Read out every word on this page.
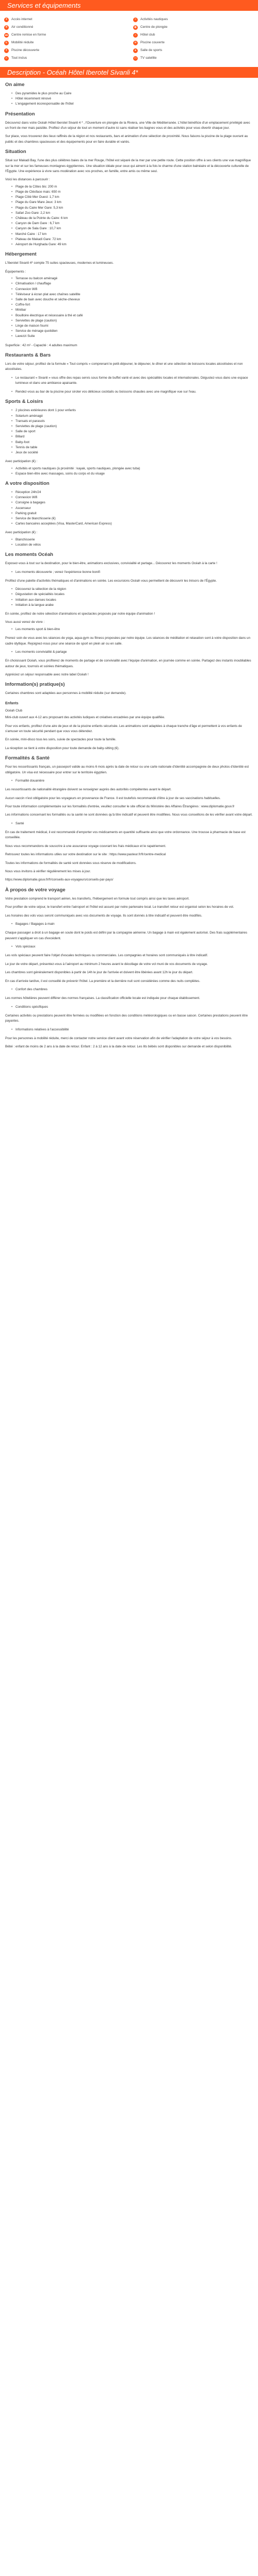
Services et équipements
✦	Accès internet	≈	Activités nautiques
❄	Air conditionné	◉	Centre de plongée
▬ Centre remise en forme	⌂	Hôtel club
♿	Mobilité réduite	≋	Piscine couverte
☀	Piscine découverte	●	Salle de sports
∞	Tout inclus	▭ TV satellite
Description - Océah Hôtel Iberotel Sivanli 4*
On aime
• Des pyramides le plus proche au Caire
• Hôtel récemment rénové
• L'engagement écoresponsable de l'hôtel
Présentation

Découvrez dans votre Océah Hôtel Iberotel Sivanli 4 * , l'Ouverture en plongée de la Riviera, une Ville de Méditerranée. L'hôtel bénéficie d'un emplacement privilégié avec un front de mer mais paisible. Profitez d'un séjour de tout un moment d'autre ici sans réaliser les bagnes vous et des activités pour vous divertir chaque jour.

Sur place, vous trouverez des lieux raffinés de la région et nos restaurants, bars et animation d'une sélection de proximité. Nous faisons la piscine de la plage ouvrant au public et des chambres spacieuses et des équipements pour en faire durable et variés.

Situation

Situé sur Makadi Bay, l'une des plus célèbres baies de la mer Rouge, l'hôtel est séparé de la mer par une petite route. Cette position offre à ses clients une vue magnifique sur la mer et sur les fameuses montagnes égyptiennes. Une situation idéale pour ceux qui aiment à la fois le charme d'une station balnéaire et la découverte culturelle de l'Égypte. Une expérience à vivre sans modération avec vos proches, en famille, entre amis ou même seul.

Voici les distances à parcourir :

• Plage de la Côtes bis: 200 m
• Plage de Cléoface mais: 650 m
• Plage Côté Mer Ouest: 1,7 km
• Plage du Gare Mare Jeux: 3 km
• Plage du Caire Mer Gare: 5,3 km
• Safari Zoo Gare: 2,2 km
• Château de la Pointe du Caire: 6 km
• Canyon de Dam Gare : 6,7 km
• Canyon de Sala Gare : 10,7 km
• Marché Caire : 17 km
• Plateau de Makadi Gare: 72 km
• Aéroport de Hurghada Gare: 49 km
Hébergement

L'Iberotel Sivanli 4* compte 75 suites spacieuses, modernes et lumineuses.

Équipements :

• Terrasse ou balcon aménagé
• Climatisation / chauffage
• Connexion Wifi
• Téléviseur à écran plat avec chaînes satellite
• Salle de bain avec douche et sèche-cheveux
• Coffre-fort
• Minibar
• Bouilloire électrique et nécessaire à thé et café
• Serviettes de plage (caution)
• Linge de maison fourni
• Service de ménage quotidien
• Lavezzi Suite

Superficie : 42 m² - Capacité : 4 adultes maximum

Restaurants & Bars

Lors de votre séjour, profitez de la formule « Tout compris » comprenant le petit-déjeuner, le déjeuner, le dîner et une sélection de boissons locales alcoolisées et non alcoolisées.

• Le restaurant « Sivanli » vous offre des repas servis sous forme de buffet varié et avec des spécialités locales et internationales. Dégustez-vous dans une espace lumineux et dans une ambiance apaisante.
• Rendez-vous au bar de la piscine pour siroter vos délicieux cocktails ou boissons chaudes avec une magnifique vue sur l'eau.
Sports & Loisirs
• 2 piscines extérieures dont 1 pour enfants
• Solarium aménagé
• Transats et parasols
• Serviettes de plage (caution)
• Salle de sport
• Billard
• Baby-foot
• Tennis de table
• Jeux de société

Avec participation (€) :

• Activités et sports nautiques (à proximité : kayak, sports nautiques, plongée avec tuba)
• Espace bien-être avec massages, soins du corps et du visage
A votre disposition
• Réception 24h/24
• Connexion Wifi
• Consigne à bagages
• Ascenseur
• Parking gratuit
• Service de blanchisserie (€)
• Cartes bancaires acceptées (Visa, MasterCard, American Express)

Avec participation (€) :

• Blanchisserie
• Location de vélos
Les moments Océah

Exposez-vous à tout sur la destination, pour le bien-être, animations exclusives, convivialité et partage... Découvrez les moments Océah à la carte !

• Les moments découverte ; venez l'expérience bonne bonifi

Profitez d'une palette d'activités thématiques et d'animations en soirée. Les excursions Océah vous permettent de découvrir les trésors de l'Égypte.

• Découvrez la sélection de la région
• Dégustation de spécialités locales
• Initiation aux danses locales
• Initiation à la langue arabe

En soirée, profitez de notre sélection d'animations et spectacles proposés par notre équipe d'animation !

Vous aussi venez de vivre :

• Les moments sport & bien-être

Prenez soin de vous avec les séances de yoga, aqua-gym ou fitness proposées par notre équipe. Les séances de méditation et relaxation sont à votre disposition dans un cadre idyllique. Rejoignez-nous pour une séance de sport en plein air ou en salle.

• Les moments convivialité & partage

En choisissant Océah, vous profiterez de moments de partage et de convivialité avec l'équipe d'animation, en journée comme en soirée. Partagez des instants inoubliables autour de jeux, tournois et soirées thématiques.

Appréciez un séjour responsable avec notre label Océah !

Information(s) pratique(s)

Certaines chambres sont adaptées aux personnes à mobilité réduite (sur demande).

Enfants

Océah Club

Mini-club ouvert aux 4-12 ans proposant des activités ludiques et créatives encadrées par une équipe qualifiée.

Pour vos enfants, profitez d'une aire de jeux et de la piscine enfants sécurisée. Les animations sont adaptées à chaque tranche d'âge et permettent à vos enfants de s'amuser en toute sécurité pendant que vous vous détendez.

En soirée, mini-disco tous les soirs, suivie de spectacles pour toute la famille.

La réception se tient à votre disposition pour toute demande de baby-sitting (€).

Formalités & Santé

Pour les ressortissants français, un passeport valide au moins 6 mois après la date de retour ou une carte nationale d'identité accompagnée de deux photos d'identité est obligatoire. Un visa est nécessaire pour entrer sur le territoire égyptien.

• Formalité douanière

Les ressortissants de nationalité étrangère doivent se renseigner auprès des autorités compétentes avant le départ.

Aucun vaccin n'est obligatoire pour les voyageurs en provenance de France. Il est toutefois recommandé d'être à jour de ses vaccinations habituelles.

Pour toute information complémentaire sur les formalités d'entrée, veuillez consulter le site officiel du Ministère des Affaires Étrangères : www.diplomatie.gouv.fr

Les informations concernant les formalités ou la santé ne sont données qu'à titre indicatif et peuvent être modifiées. Nous vous conseillons de les vérifier avant votre départ.

• Santé

En cas de traitement médical, il est recommandé d'emporter vos médicaments en quantité suffisante ainsi que votre ordonnance. Une trousse à pharmacie de base est conseillée.

Nous vous recommandons de souscrire à une assurance voyage couvrant les frais médicaux et le rapatriement.

Retrouvez toutes les informations utiles sur votre destination sur le site : https://www.pasteur.fr/fr/centre-medical

Toutes les informations de formalités de santé sont données sous réserve de modifications.

Nous vous invitons à vérifier régulièrement les mises à jour.

https://www.diplomatie.gouv.fr/fr/conseils-aux-voyageurs/conseils-par-pays/

À propos de votre voyage

Votre prestation comprend le transport aérien, les transferts, l'hébergement en formule tout compris ainsi que les taxes aéroport.

Pour profiter de votre séjour, le transfert entre l'aéroport et l'hôtel est assuré par notre partenaire local. Le transfert retour est organisé selon les horaires de vol.

Les horaires des vols vous seront communiqués avec vos documents de voyage. Ils sont donnés à titre indicatif et peuvent être modifiés.

• Bagages / Bagages à main

Chaque passager a droit à un bagage en soute dont le poids est défini par la compagnie aérienne. Un bagage à main est également autorisé. Des frais supplémentaires peuvent s'appliquer en cas d'excédent.

• Vols spéciaux

Les vols spéciaux peuvent faire l'objet d'escales techniques ou commerciales. Les compagnies et horaires sont communiqués à titre indicatif.

Le jour de votre départ, présentez-vous à l'aéroport au minimum 2 heures avant le décollage de votre vol muni de vos documents de voyage.

Les chambres sont généralement disponibles à partir de 14h le jour de l'arrivée et doivent être libérées avant 12h le jour du départ.

En cas d'arrivée tardive, il est conseillé de prévenir l'hôtel. La première et la dernière nuit sont considérées comme des nuits complètes.

• Confort des chambres

Les normes hôtelières peuvent différer des normes françaises. La classification officielle locale est indiquée pour chaque établissement.

• Conditions spécifiques

Certaines activités ou prestations peuvent être fermées ou modifiées en fonction des conditions météorologiques ou en basse saison. Certaines prestations peuvent être payantes.

• Informations relatives à l'accessibilité

Pour les personnes à mobilité réduite, merci de contacter notre service client avant votre réservation afin de vérifier l'adaptation de votre séjour à vos besoins.

Bébé : enfant de moins de 2 ans à la date de retour. Enfant : 2 à 12 ans à la date de retour. Les lits bébés sont disponibles sur demande et selon disponibilité.
